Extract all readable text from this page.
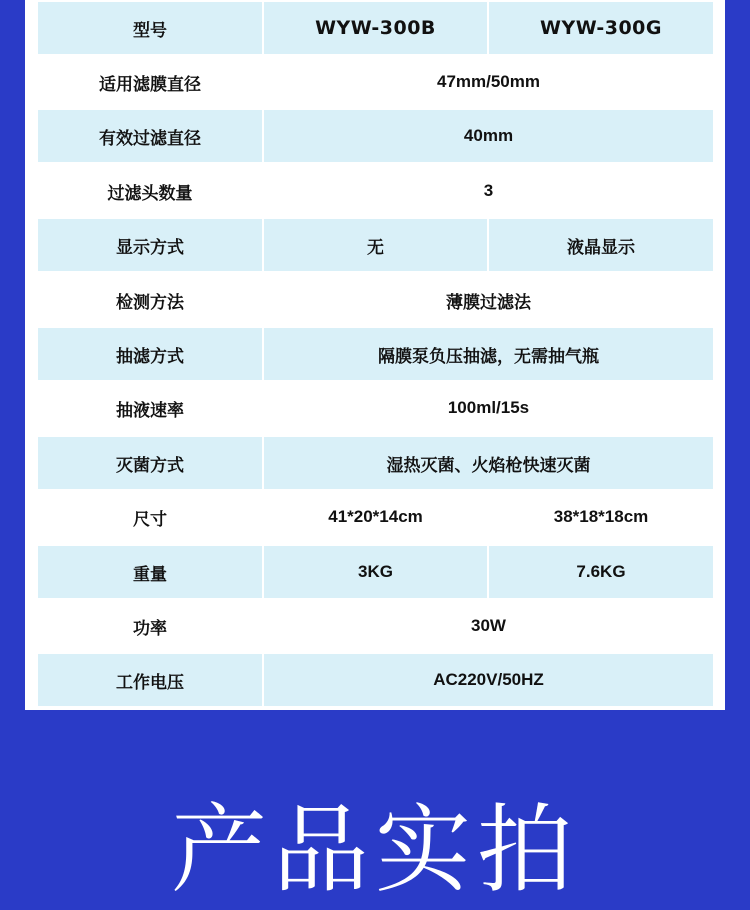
型号	WYW-300B	WYW-300G
适用滤膜直径	47mm/50mm
有效过滤直径	40mm
过滤头数量	3
显示方式	无	液晶显示
检测方法	薄膜过滤法
抽滤方式	隔膜泵负压抽滤，无需抽气瓶
抽液速率	100ml/15s
灭菌方式	湿热灭菌、火焰枪快速灭菌
尺寸	41*20*14cm	38*18*18cm
重量	3KG	7.6KG
功率	30W
工作电压	AC220V/50HZ
产品实拍
